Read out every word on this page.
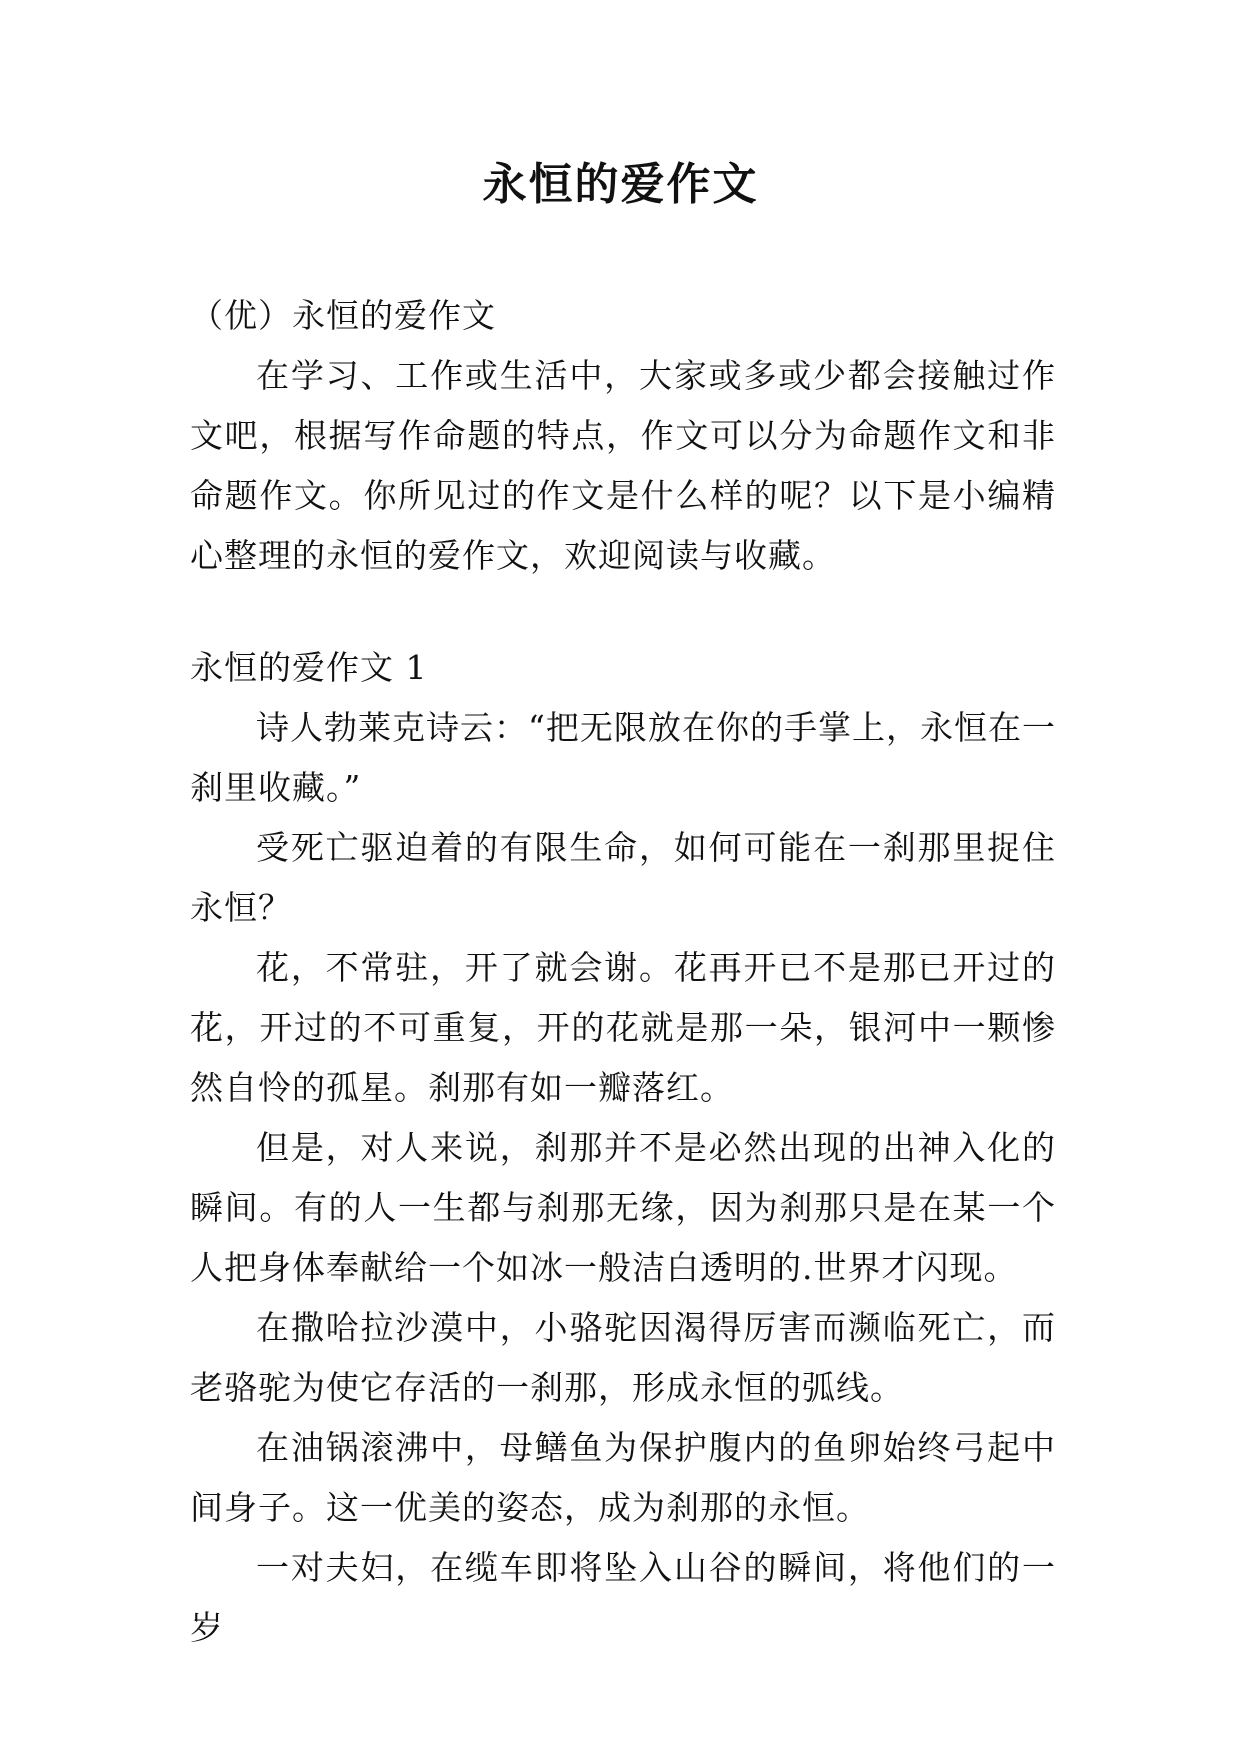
永恒的爱作文

（优）永恒的爱作文

在学习、工作或生活中，大家或多或少都会接触过作文吧，根据写作命题的特点，作文可以分为命题作文和非命题作文。你所见过的作文是什么样的呢？以下是小编精心整理的永恒的爱作文，欢迎阅读与收藏。

永恒的爱作文 1

诗人勃莱克诗云：“把无限放在你的手掌上，永恒在一刹里收藏。”

受死亡驱迫着的有限生命，如何可能在一刹那里捉住永恒？

花，不常驻，开了就会谢。花再开已不是那已开过的花，开过的不可重复，开的花就是那一朵，银河中一颗惨然自怜的孤星。刹那有如一瓣落红。

但是，对人来说，刹那并不是必然出现的出神入化的瞬间。有的人一生都与刹那无缘，因为刹那只是在某一个人把身体奉献给一个如冰一般洁白透明的.世界才闪现。

在撒哈拉沙漠中，小骆驼因渴得厉害而濒临死亡，而老骆驼为使它存活的一刹那，形成永恒的弧线。

在油锅滚沸中，母鳝鱼为保护腹内的鱼卵始终弓起中间身子。这一优美的姿态，成为刹那的永恒。

一对夫妇，在缆车即将坠入山谷的瞬间，将他们的一岁
